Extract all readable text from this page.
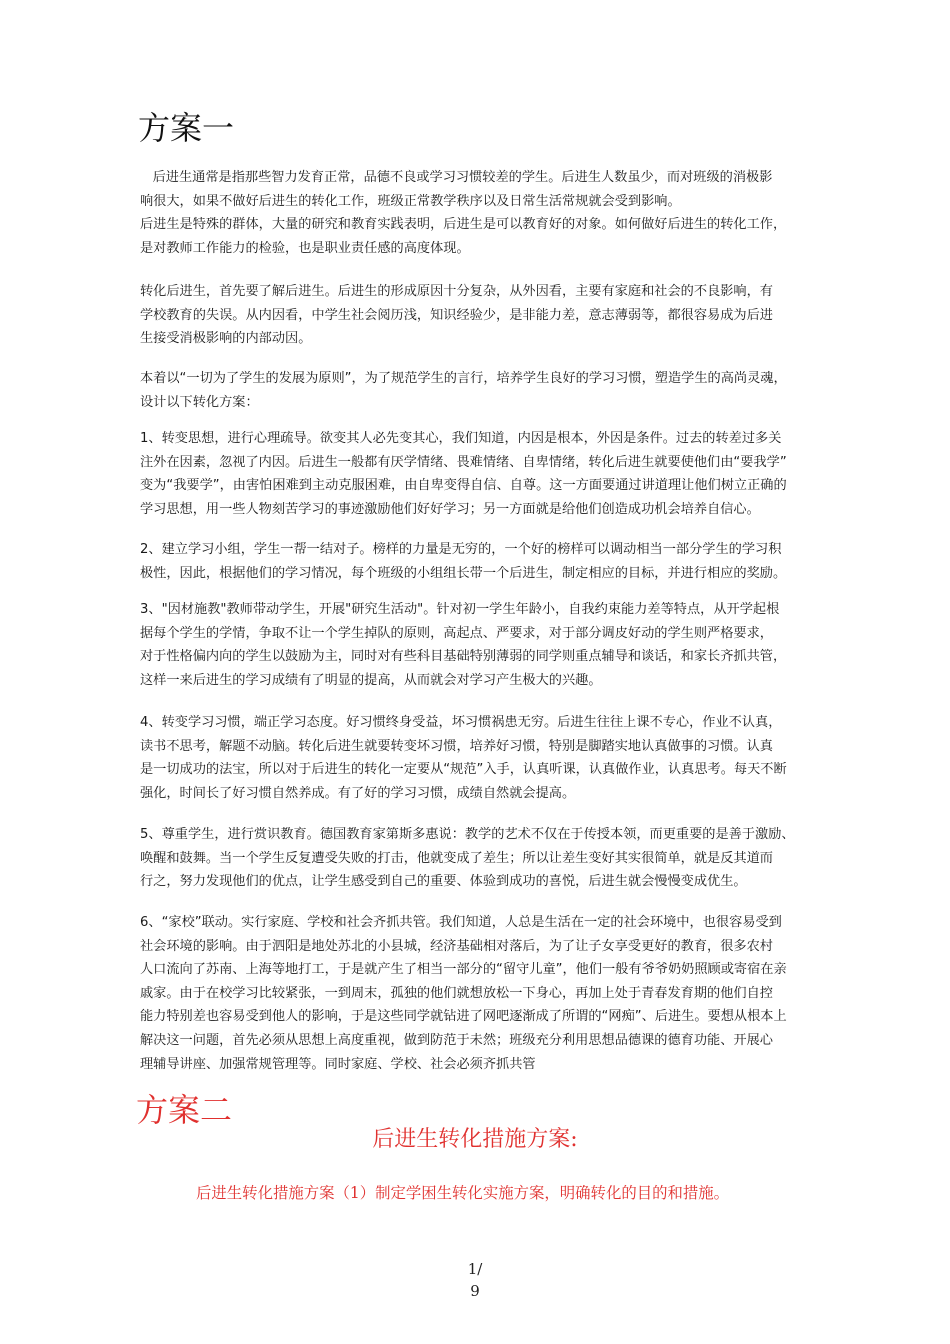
方案一

后进生通常是指那些智力发育正常，品德不良或学习习惯较差的学生。后进生人数虽少，而对班级的消极影

响很大，如果不做好后进生的转化工作，班级正常教学秩序以及日常生活常规就会受到影响。

后进生是特殊的群体，大量的研究和教育实践表明，后进生是可以教育好的对象。如何做好后进生的转化工作，

是对教师工作能力的检验，也是职业责任感的高度体现。

转化后进生，首先要了解后进生。后进生的形成原因十分复杂，从外因看，主要有家庭和社会的不良影响，有

学校教育的失误。从内因看，中学生社会阅历浅，知识经验少，是非能力差，意志薄弱等，都很容易成为后进

生接受消极影响的内部动因。

本着以“一切为了学生的发展为原则”，为了规范学生的言行，培养学生良好的学习习惯，塑造学生的高尚灵魂，

设计以下转化方案：

1、转变思想，进行心理疏导。欲变其人必先变其心，我们知道，内因是根本，外因是条件。过去的转差过多关

注外在因素，忽视了内因。后进生一般都有厌学情绪、畏难情绪、自卑情绪，转化后进生就要使他们由“要我学”

变为“我要学”，由害怕困难到主动克服困难，由自卑变得自信、自尊。这一方面要通过讲道理让他们树立正确的

学习思想，用一些人物刻苦学习的事迹激励他们好好学习；另一方面就是给他们创造成功机会培养自信心。

2、建立学习小组，学生一帮一结对子。榜样的力量是无穷的，一个好的榜样可以调动相当一部分学生的学习积

极性，因此，根据他们的学习情况，每个班级的小组组长带一个后进生，制定相应的目标，并进行相应的奖励。

3、"因材施教"教师带动学生，开展"研究生活动"。针对初一学生年龄小，自我约束能力差等特点，从开学起根

据每个学生的学情，争取不让一个学生掉队的原则，高起点、严要求，对于部分调皮好动的学生则严格要求，

对于性格偏内向的学生以鼓励为主，同时对有些科目基础特别薄弱的同学则重点辅导和谈话，和家长齐抓共管，

这样一来后进生的学习成绩有了明显的提高，从而就会对学习产生极大的兴趣。

4、转变学习习惯，端正学习态度。好习惯终身受益，坏习惯祸患无穷。后进生往往上课不专心，作业不认真，

读书不思考，解题不动脑。转化后进生就要转变坏习惯，培养好习惯，特别是脚踏实地认真做事的习惯。认真

是一切成功的法宝，所以对于后进生的转化一定要从“规范”入手，认真听课，认真做作业，认真思考。每天不断

强化，时间长了好习惯自然养成。有了好的学习习惯，成绩自然就会提高。

5、尊重学生，进行赏识教育。德国教育家第斯多惠说：教学的艺术不仅在于传授本领，而更重要的是善于激励、

唤醒和鼓舞。当一个学生反复遭受失败的打击，他就变成了差生；所以让差生变好其实很简单，就是反其道而

行之，努力发现他们的优点，让学生感受到自己的重要、体验到成功的喜悦，后进生就会慢慢变成优生。

6、“家校”联动。实行家庭、学校和社会齐抓共管。我们知道，人总是生活在一定的社会环境中，也很容易受到

社会环境的影响。由于泗阳是地处苏北的小县城，经济基础相对落后，为了让子女享受更好的教育，很多农村

人口流向了苏南、上海等地打工，于是就产生了相当一部分的“留守儿童”，他们一般有爷爷奶奶照顾或寄宿在亲

戚家。由于在校学习比较紧张，一到周末，孤独的他们就想放松一下身心，再加上处于青春发育期的他们自控

能力特别差也容易受到他人的影响，于是这些同学就钻进了网吧逐渐成了所谓的“网痴”、后进生。要想从根本上

解决这一问题，首先必须从思想上高度重视，做到防范于未然；班级充分利用思想品德课的德育功能、开展心

理辅导讲座、加强常规管理等。同时家庭、学校、社会必须齐抓共管

方案二
后进生转化措施方案:
后进生转化措施方案（1）制定学困生转化实施方案，明确转化的目的和措施。
1/
9
